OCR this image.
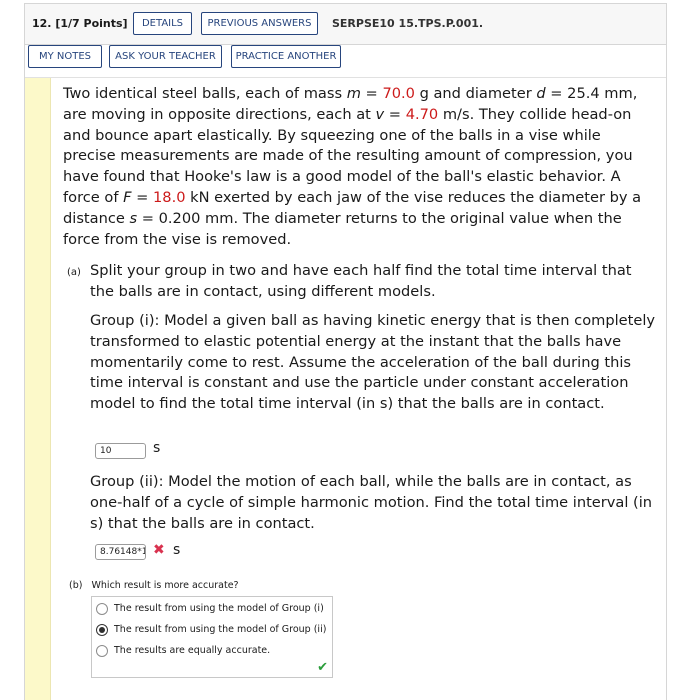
12. [1/7 Points]	DETAILS	PREVIOUS ANSWERS	SERPSE10 15.TPS.P.001.
MY NOTES	ASK YOUR TEACHER	PRACTICE ANOTHER
Two identical steel balls, each of mass m = 70.0 g and diameter d = 25.4 mm, are moving in opposite directions, each at v = 4.70 m/s. They collide head-on and bounce apart elastically. By squeezing one of the balls in a vise while precise measurements are made of the resulting amount of compression, you have found that Hooke's law is a good model of the ball's elastic behavior. A force of F = 18.0 kN exerted by each jaw of the vise reduces the diameter by a distance s = 0.200 mm. The diameter returns to the original value when the force from the vise is removed.
(a) Split your group in two and have each half find the total time interval that the balls are in contact, using different models.
Group (i): Model a given ball as having kinetic energy that is then completely transformed to elastic potential energy at the instant that the balls have momentarily come to rest. Assume the acceleration of the ball during this time interval is constant and use the particle under constant acceleration model to find the total time interval (in s) that the balls are in contact.
10
s
Group (ii): Model the motion of each ball, while the balls are in contact, as one-half of a cycle of simple harmonic motion. Find the total time interval (in s) that the balls are in contact.
8.76148*10
✖ s
(b) Which result is more accurate?
The result from using the model of Group (i)
The result from using the model of Group (ii)
The results are equally accurate.
✔
